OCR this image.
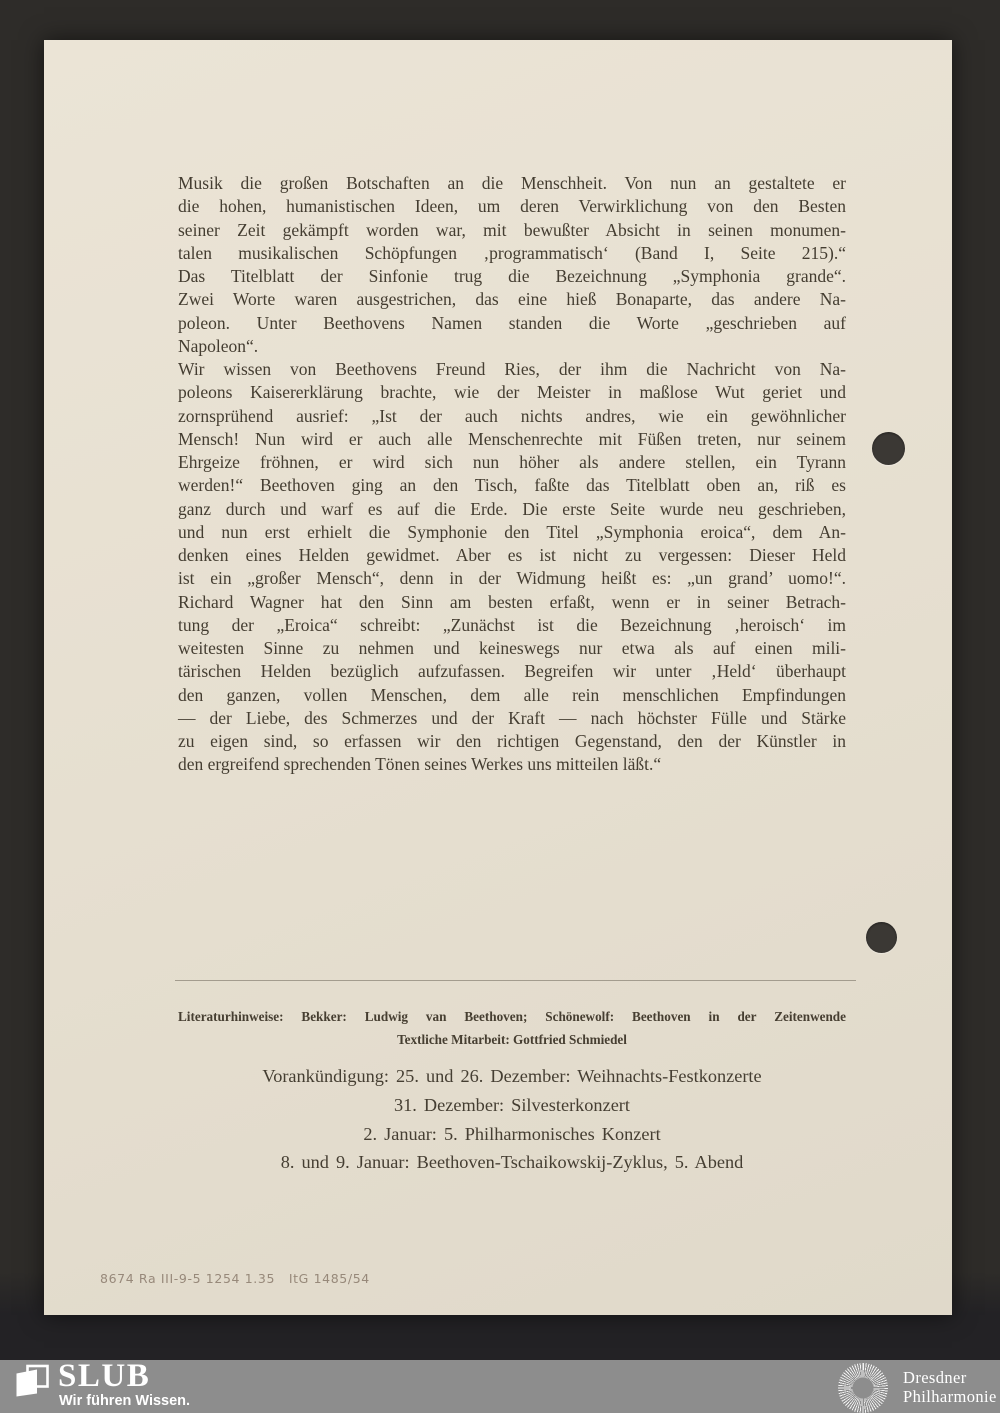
Musik die großen Botschaften an die Menschheit. Von nun an gestaltete er
die hohen, humanistischen Ideen, um deren Verwirklichung von den Besten
seiner Zeit gekämpft worden war, mit bewußter Absicht in seinen monumen-
talen musikalischen Schöpfungen ‚programmatisch‘ (Band I, Seite 215).“
Das Titelblatt der Sinfonie trug die Bezeichnung „Symphonia grande“.
Zwei Worte waren ausgestrichen, das eine hieß Bonaparte, das andere Na-
poleon. Unter Beethovens Namen standen die Worte „geschrieben auf
Napoleon“.
Wir wissen von Beethovens Freund Ries, der ihm die Nachricht von Na-
poleons Kaisererklärung brachte, wie der Meister in maßlose Wut geriet und
zornsprühend ausrief: „Ist der auch nichts andres, wie ein gewöhnlicher
Mensch! Nun wird er auch alle Menschenrechte mit Füßen treten, nur seinem
Ehrgeize fröhnen, er wird sich nun höher als andere stellen, ein Tyrann
werden!“ Beethoven ging an den Tisch, faßte das Titelblatt oben an, riß es
ganz durch und warf es auf die Erde. Die erste Seite wurde neu geschrieben,
und nun erst erhielt die Symphonie den Titel „Symphonia eroica“, dem An-
denken eines Helden gewidmet. Aber es ist nicht zu vergessen: Dieser Held
ist ein „großer Mensch“, denn in der Widmung heißt es: „un grand’ uomo!“.
Richard Wagner hat den Sinn am besten erfaßt, wenn er in seiner Betrach-
tung der „Eroica“ schreibt: „Zunächst ist die Bezeichnung ‚heroisch‘ im
weitesten Sinne zu nehmen und keineswegs nur etwa als auf einen mili-
tärischen Helden bezüglich aufzufassen. Begreifen wir unter ‚Held‘ überhaupt
den ganzen, vollen Menschen, dem alle rein menschlichen Empfindungen
— der Liebe, des Schmerzes und der Kraft — nach höchster Fülle und Stärke
zu eigen sind, so erfassen wir den richtigen Gegenstand, den der Künstler in
den ergreifend sprechenden Tönen seines Werkes uns mitteilen läßt.“
Literaturhinweise: Bekker: Ludwig van Beethoven; Schönewolf: Beethoven in der Zeitenwende
Textliche Mitarbeit: Gottfried Schmiedel
Vorankündigung: 25. und 26. Dezember: Weihnachts-Festkonzerte
31. Dezember: Silvesterkonzert
2. Januar: 5. Philharmonisches Konzert
8. und 9. Januar: Beethoven-Tschaikowskij-Zyklus, 5. Abend
8674 Ra III-9-5 1254 1.35   ItG 1485/54
SLUB
Wir führen Wissen.
Dresdner
Philharmonie
